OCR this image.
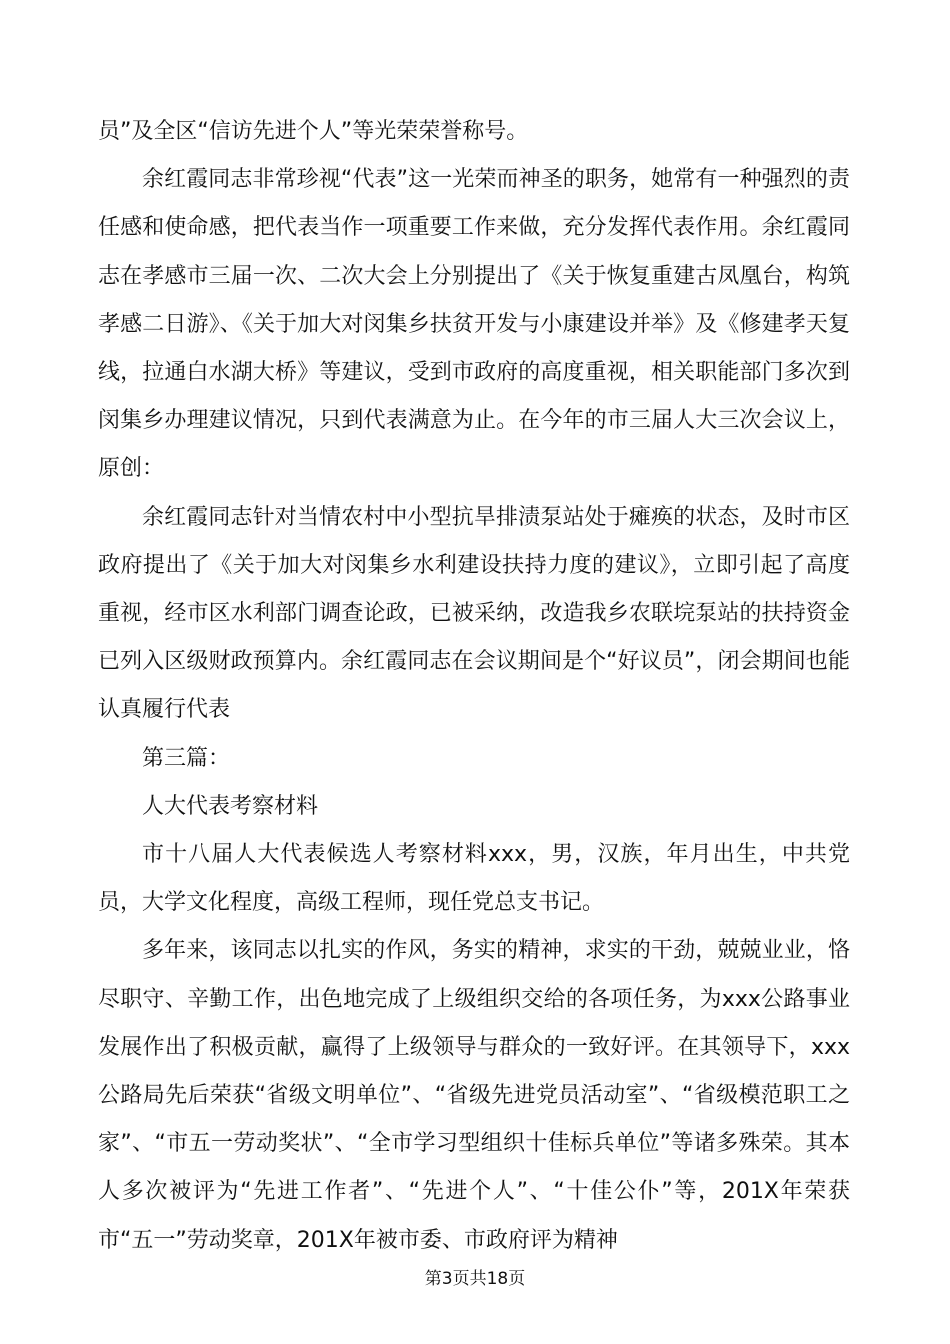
员”及全区“信访先进个人”等光荣荣誉称号。

余红霞同志非常珍视“代表”这一光荣而神圣的职务，她常有一种强烈的责任感和使命感，把代表当作一项重要工作来做，充分发挥代表作用。余红霞同志在孝感市三届一次、二次大会上分别提出了《关于恢复重建古凤凰台，构筑孝感二日游》、《关于加大对闵集乡扶贫开发与小康建设并举》及《修建孝天复线，拉通白水湖大桥》等建议，受到市政府的高度重视，相关职能部门多次到闵集乡办理建议情况，只到代表满意为止。在今年的市三届人大三次会议上，原创：

余红霞同志针对当情农村中小型抗旱排渍泵站处于瘫痪的状态，及时市区政府提出了《关于加大对闵集乡水利建设扶持力度的建议》，立即引起了高度重视，经市区水利部门调查论政，已被采纳，改造我乡农联垸泵站的扶持资金已列入区级财政预算内。余红霞同志在会议期间是个“好议员”，闭会期间也能认真履行代表

第三篇：

人大代表考察材料

市十八届人大代表候选人考察材料xxx，男，汉族，年月出生，中共党员，大学文化程度，高级工程师，现任党总支书记。

多年来，该同志以扎实的作风，务实的精神，求实的干劲，兢兢业业，恪尽职守、辛勤工作，出色地完成了上级组织交给的各项任务，为xxx公路事业发展作出了积极贡献，赢得了上级领导与群众的一致好评。在其领导下，xxx公路局先后荣获“省级文明单位”、“省级先进党员活动室”、“省级模范职工之家”、“市五一劳动奖状”、“全市学习型组织十佳标兵单位”等诸多殊荣。其本人多次被评为“先进工作者”、“先进个人”、“十佳公仆”等，201X年荣获市“五一”劳动奖章，201X年被市委、市政府评为精神

第3页共18页
